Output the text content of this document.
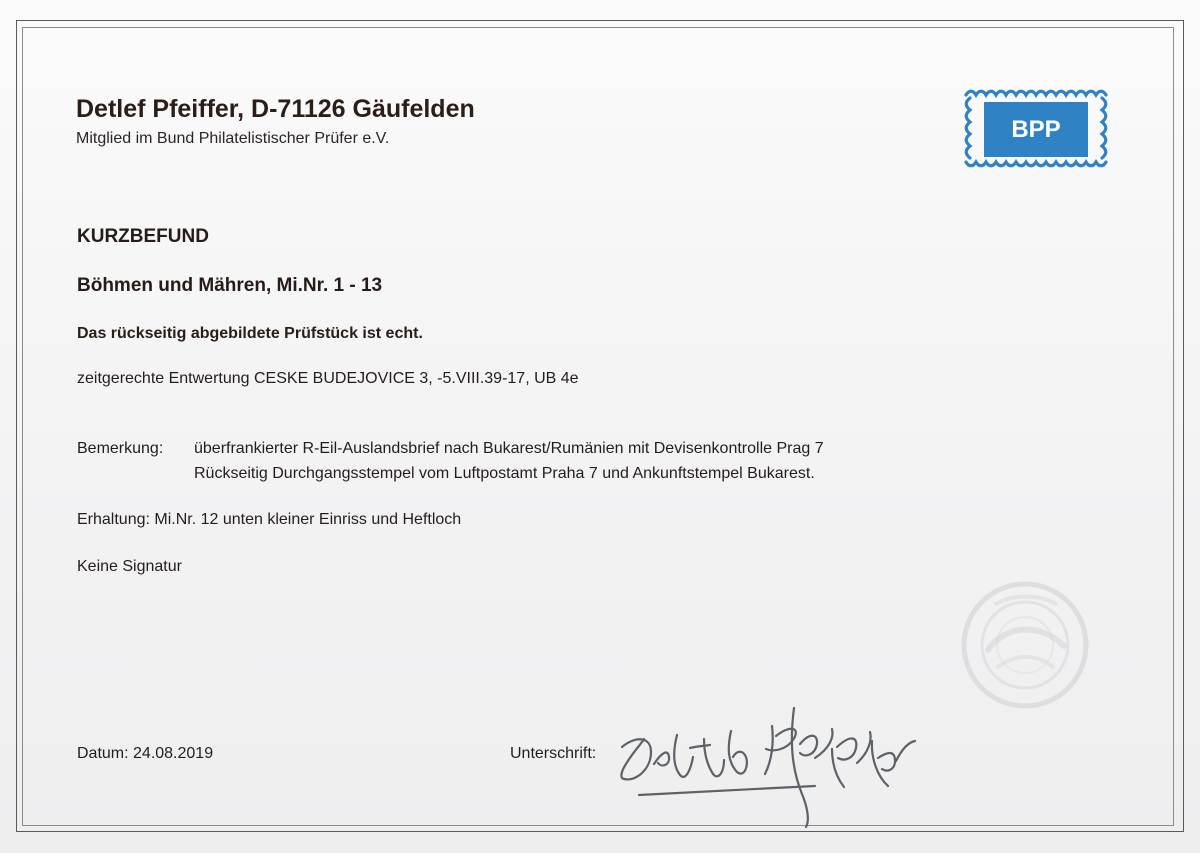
Detlef Pfeiffer, D-71126 Gäufelden
Mitglied im Bund Philatelistischer Prüfer e.V.	BPP
KURZBEFUND
Böhmen und Mähren, Mi.Nr. 1 - 13
Das rückseitig abgebildete Prüfstück ist echt.
zeitgerechte Entwertung CESKE BUDEJOVICE 3, -5.VIII.39-17, UB 4e
Bemerkung: überfrankierter R-Eil-Auslandsbrief nach Bukarest/Rumänien mit Devisenkontrolle Prag 7
Rückseitig Durchgangsstempel vom Luftpostamt Praha 7 und Ankunftstempel Bukarest.
Erhaltung: Mi.Nr. 12 unten kleiner Einriss und Heftloch
Keine Signatur
Datum: 24.08.2019	Unterschrift:
